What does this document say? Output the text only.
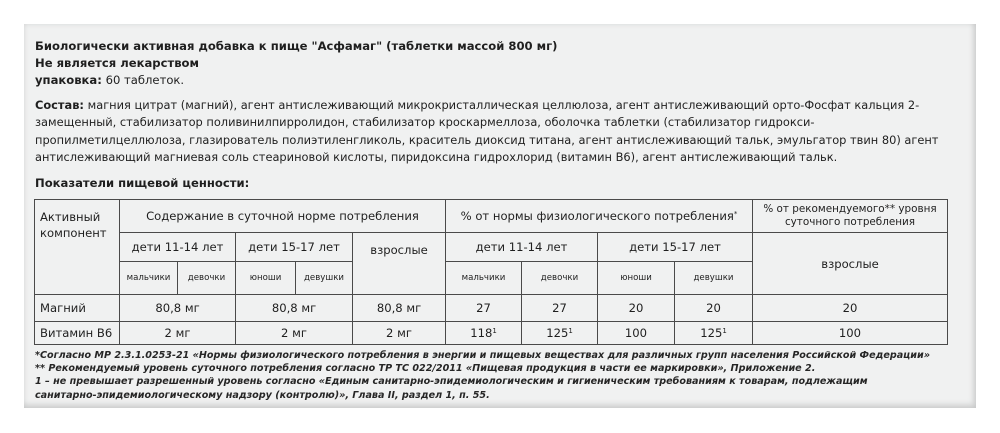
Биологически активная добавка к пище "Асфамаг" (таблетки массой 800 мг)
Не является лекарством
упаковка: 60 таблеток.
Состав: магния цитрат (магний), агент антислеживающий микрокристаллическая целлюлоза, агент антислеживающий орто-Фосфат кальция 2-замещенный, стабилизатор поливинилпирролидон, стабилизатор кроскармеллоза, оболочка таблетки (стабилизатор гидрокси-пропилметилцеллюлоза, глазирователь полиэтиленгликоль, краситель диоксид титана, агент антислеживающий тальк, эмульгатор твин 80) агент антислеживающий магниевая соль стеариновой кислоты, пиридоксина гидрохлорид (витамин В6), агент антислеживающий тальк.
Показатели пищевой ценности:
Активный компонент	Содержание в суточной норме потребления					% от нормы физиологического потребления*				% от рекомендуемого** уровня суточного потребления
	дети 11-14 лет		дети 15-17 лет		взрослые	дети 11-14 лет		дети 15-17 лет		взрослые
	мальчики	девочки	юноши	девушки		мальчики	девочки	юноши	девушки	
Магний	80,8 мг		80,8 мг		80,8 мг	27	27	20	20	20
Витамин В6	2 мг		2 мг		2 мг	$118^1$	$125^1$	100	$125^1$	100
*Согласно МР 2.3.1.0253-21 «Нормы физиологического потребления в энергии и пищевых веществах для различных групп населения Российской Федерации»
** Рекомендуемый уровень суточного потребления согласно ТР ТС 022/2011 «Пищевая продукция в части ее маркировки», Приложение 2.
1 – не превышает разрешенный уровень согласно «Единым санитарно-эпидемиологическим и гигиеническим требованиям к товарам, подлежащим
санитарно-эпидемиологическому надзору (контролю)», Глава II, раздел 1, п. 55.
